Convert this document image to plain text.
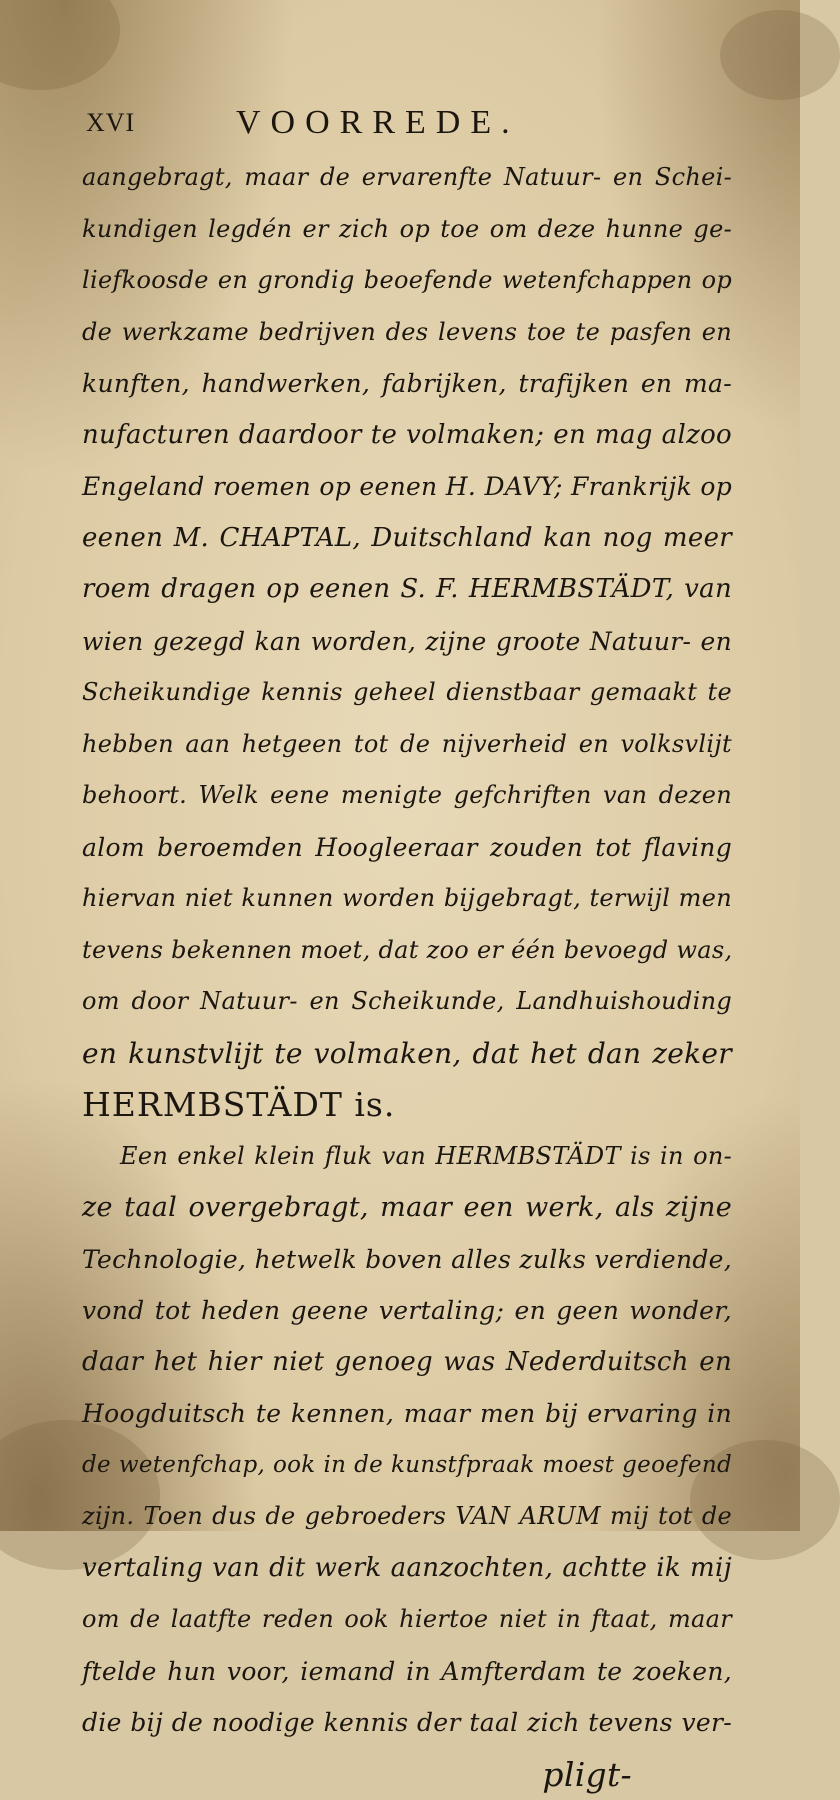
XVI	VOORREDE.
aangebragt, maar de ervarenfte Natuur- en Schei-
kundigen legdén er zich op toe om deze hunne ge-
liefkoosde en grondig beoefende wetenfchappen op
de werkzame bedrijven des levens toe te pasfen en
kunften, handwerken, fabrijken, trafijken en ma-
nufacturen daardoor te volmaken; en mag alzoo
Engeland roemen op eenen H. DAVY; Frankrijk op
eenen M. CHAPTAL, Duitschland kan nog meer
roem dragen op eenen S. F. HERMBSTÄDT, van
wien gezegd kan worden, zijne groote Natuur- en
Scheikundige kennis geheel dienstbaar gemaakt te
hebben aan hetgeen tot de nijverheid en volksvlijt
behoort. Welk eene menigte gefchriften van dezen
alom beroemden Hoogleeraar zouden tot flaving
hiervan niet kunnen worden bijgebragt, terwijl men
tevens bekennen moet, dat zoo er één bevoegd was,
om door Natuur- en Scheikunde, Landhuishouding
en kunstvlijt te volmaken, dat het dan zeker
HERMBSTÄDT is.
Een enkel klein fluk van HERMBSTÄDT is in on-
ze taal overgebragt, maar een werk, als zijne
Technologie, hetwelk boven alles zulks verdiende,
vond tot heden geene vertaling; en geen wonder,
daar het hier niet genoeg was Nederduitsch en
Hoogduitsch te kennen, maar men bij ervaring in
de wetenfchap, ook in de kunstfpraak moest geoefend
zijn. Toen dus de gebroeders VAN ARUM mij tot de
vertaling van dit werk aanzochten, achtte ik mij
om de laatfte reden ook hiertoe niet in ftaat, maar
ftelde hun voor, iemand in Amfterdam te zoeken,
die bij de noodige kennis der taal zich tevens ver-
pligt-
